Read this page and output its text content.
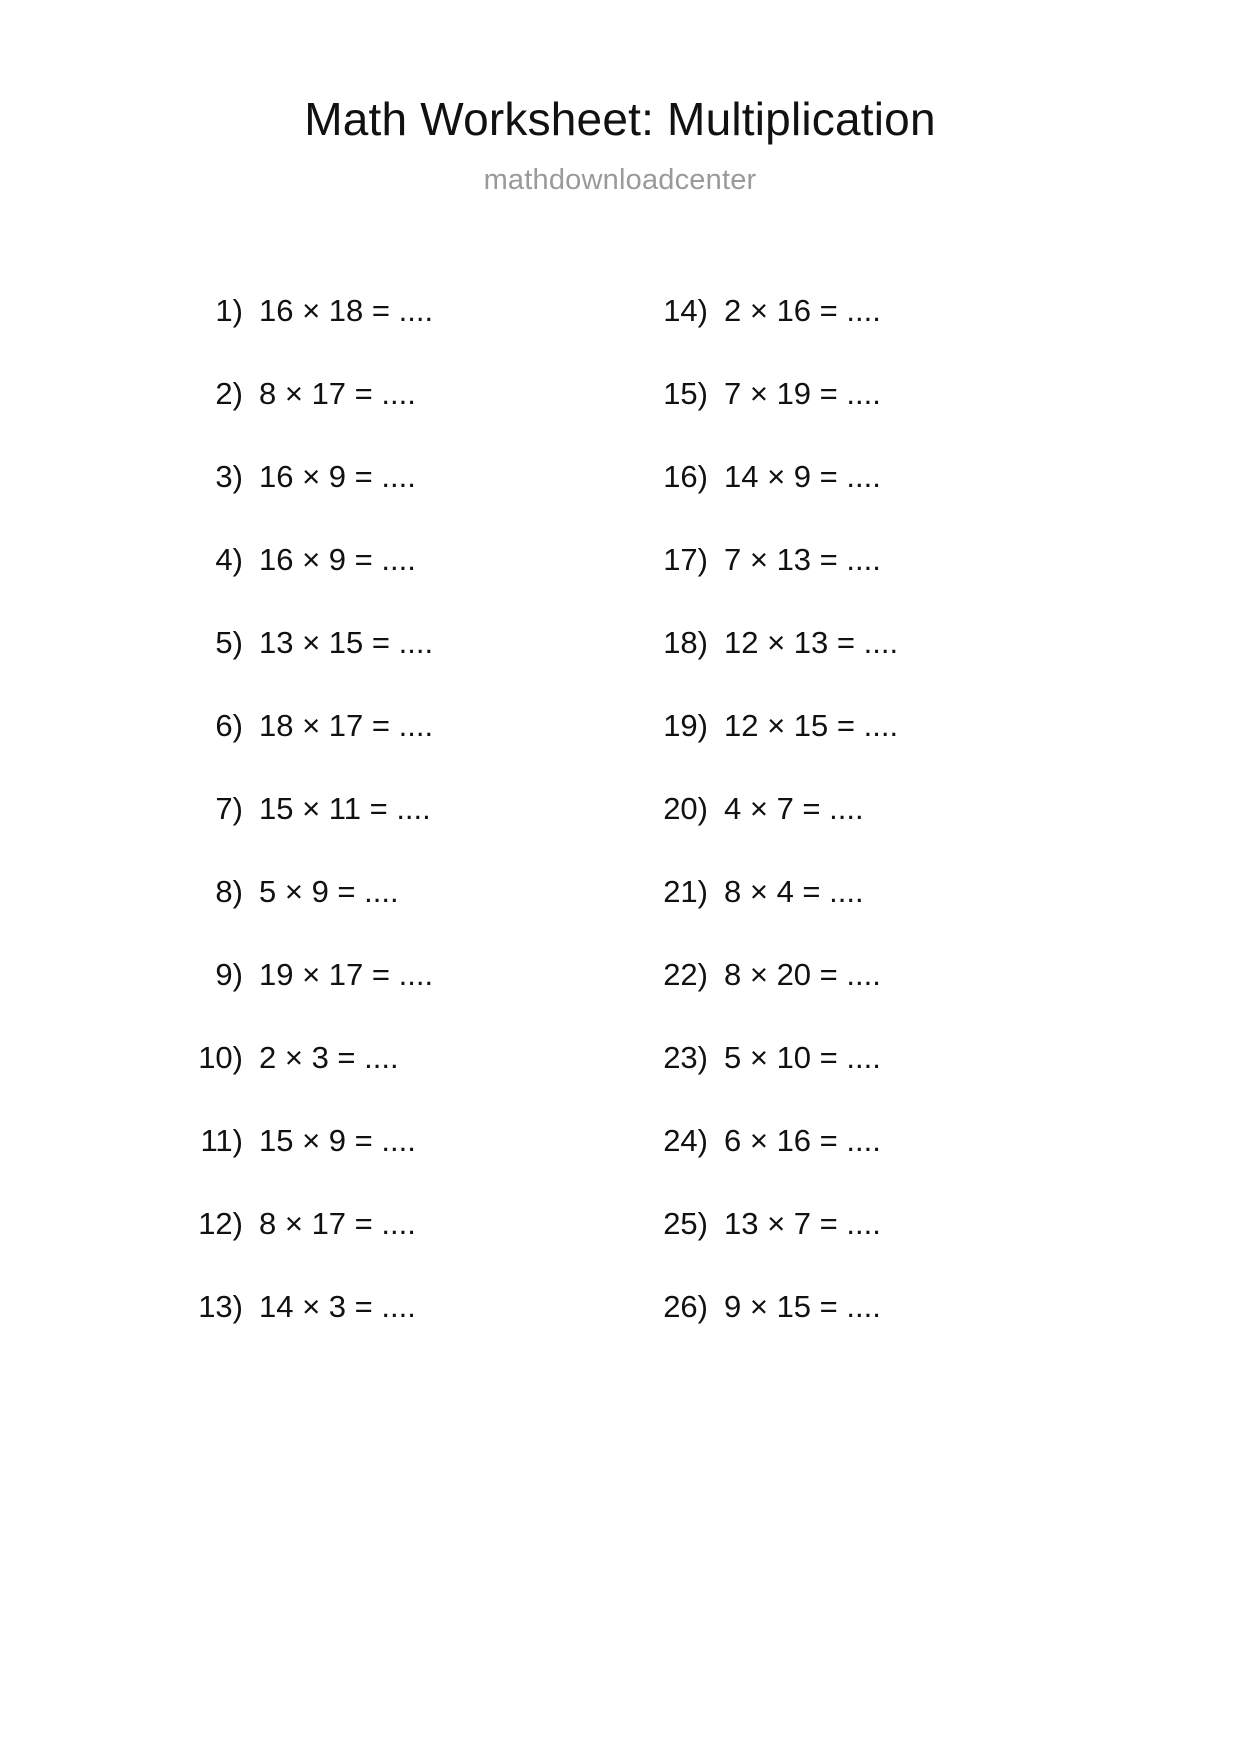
Math Worksheet: Multiplication
mathdownloadcenter
1) 16 × 18 = ....
2) 8 × 17 = ....
3) 16 × 9 = ....
4) 16 × 9 = ....
5) 13 × 15 = ....
6) 18 × 17 = ....
7) 15 × 11 = ....
8) 5 × 9 = ....
9) 19 × 17 = ....
10) 2 × 3 = ....
11) 15 × 9 = ....
12) 8 × 17 = ....
13) 14 × 3 = ....
14) 2 × 16 = ....
15) 7 × 19 = ....
16) 14 × 9 = ....
17) 7 × 13 = ....
18) 12 × 13 = ....
19) 12 × 15 = ....
20) 4 × 7 = ....
21) 8 × 4 = ....
22) 8 × 20 = ....
23) 5 × 10 = ....
24) 6 × 16 = ....
25) 13 × 7 = ....
26) 9 × 15 = ....
